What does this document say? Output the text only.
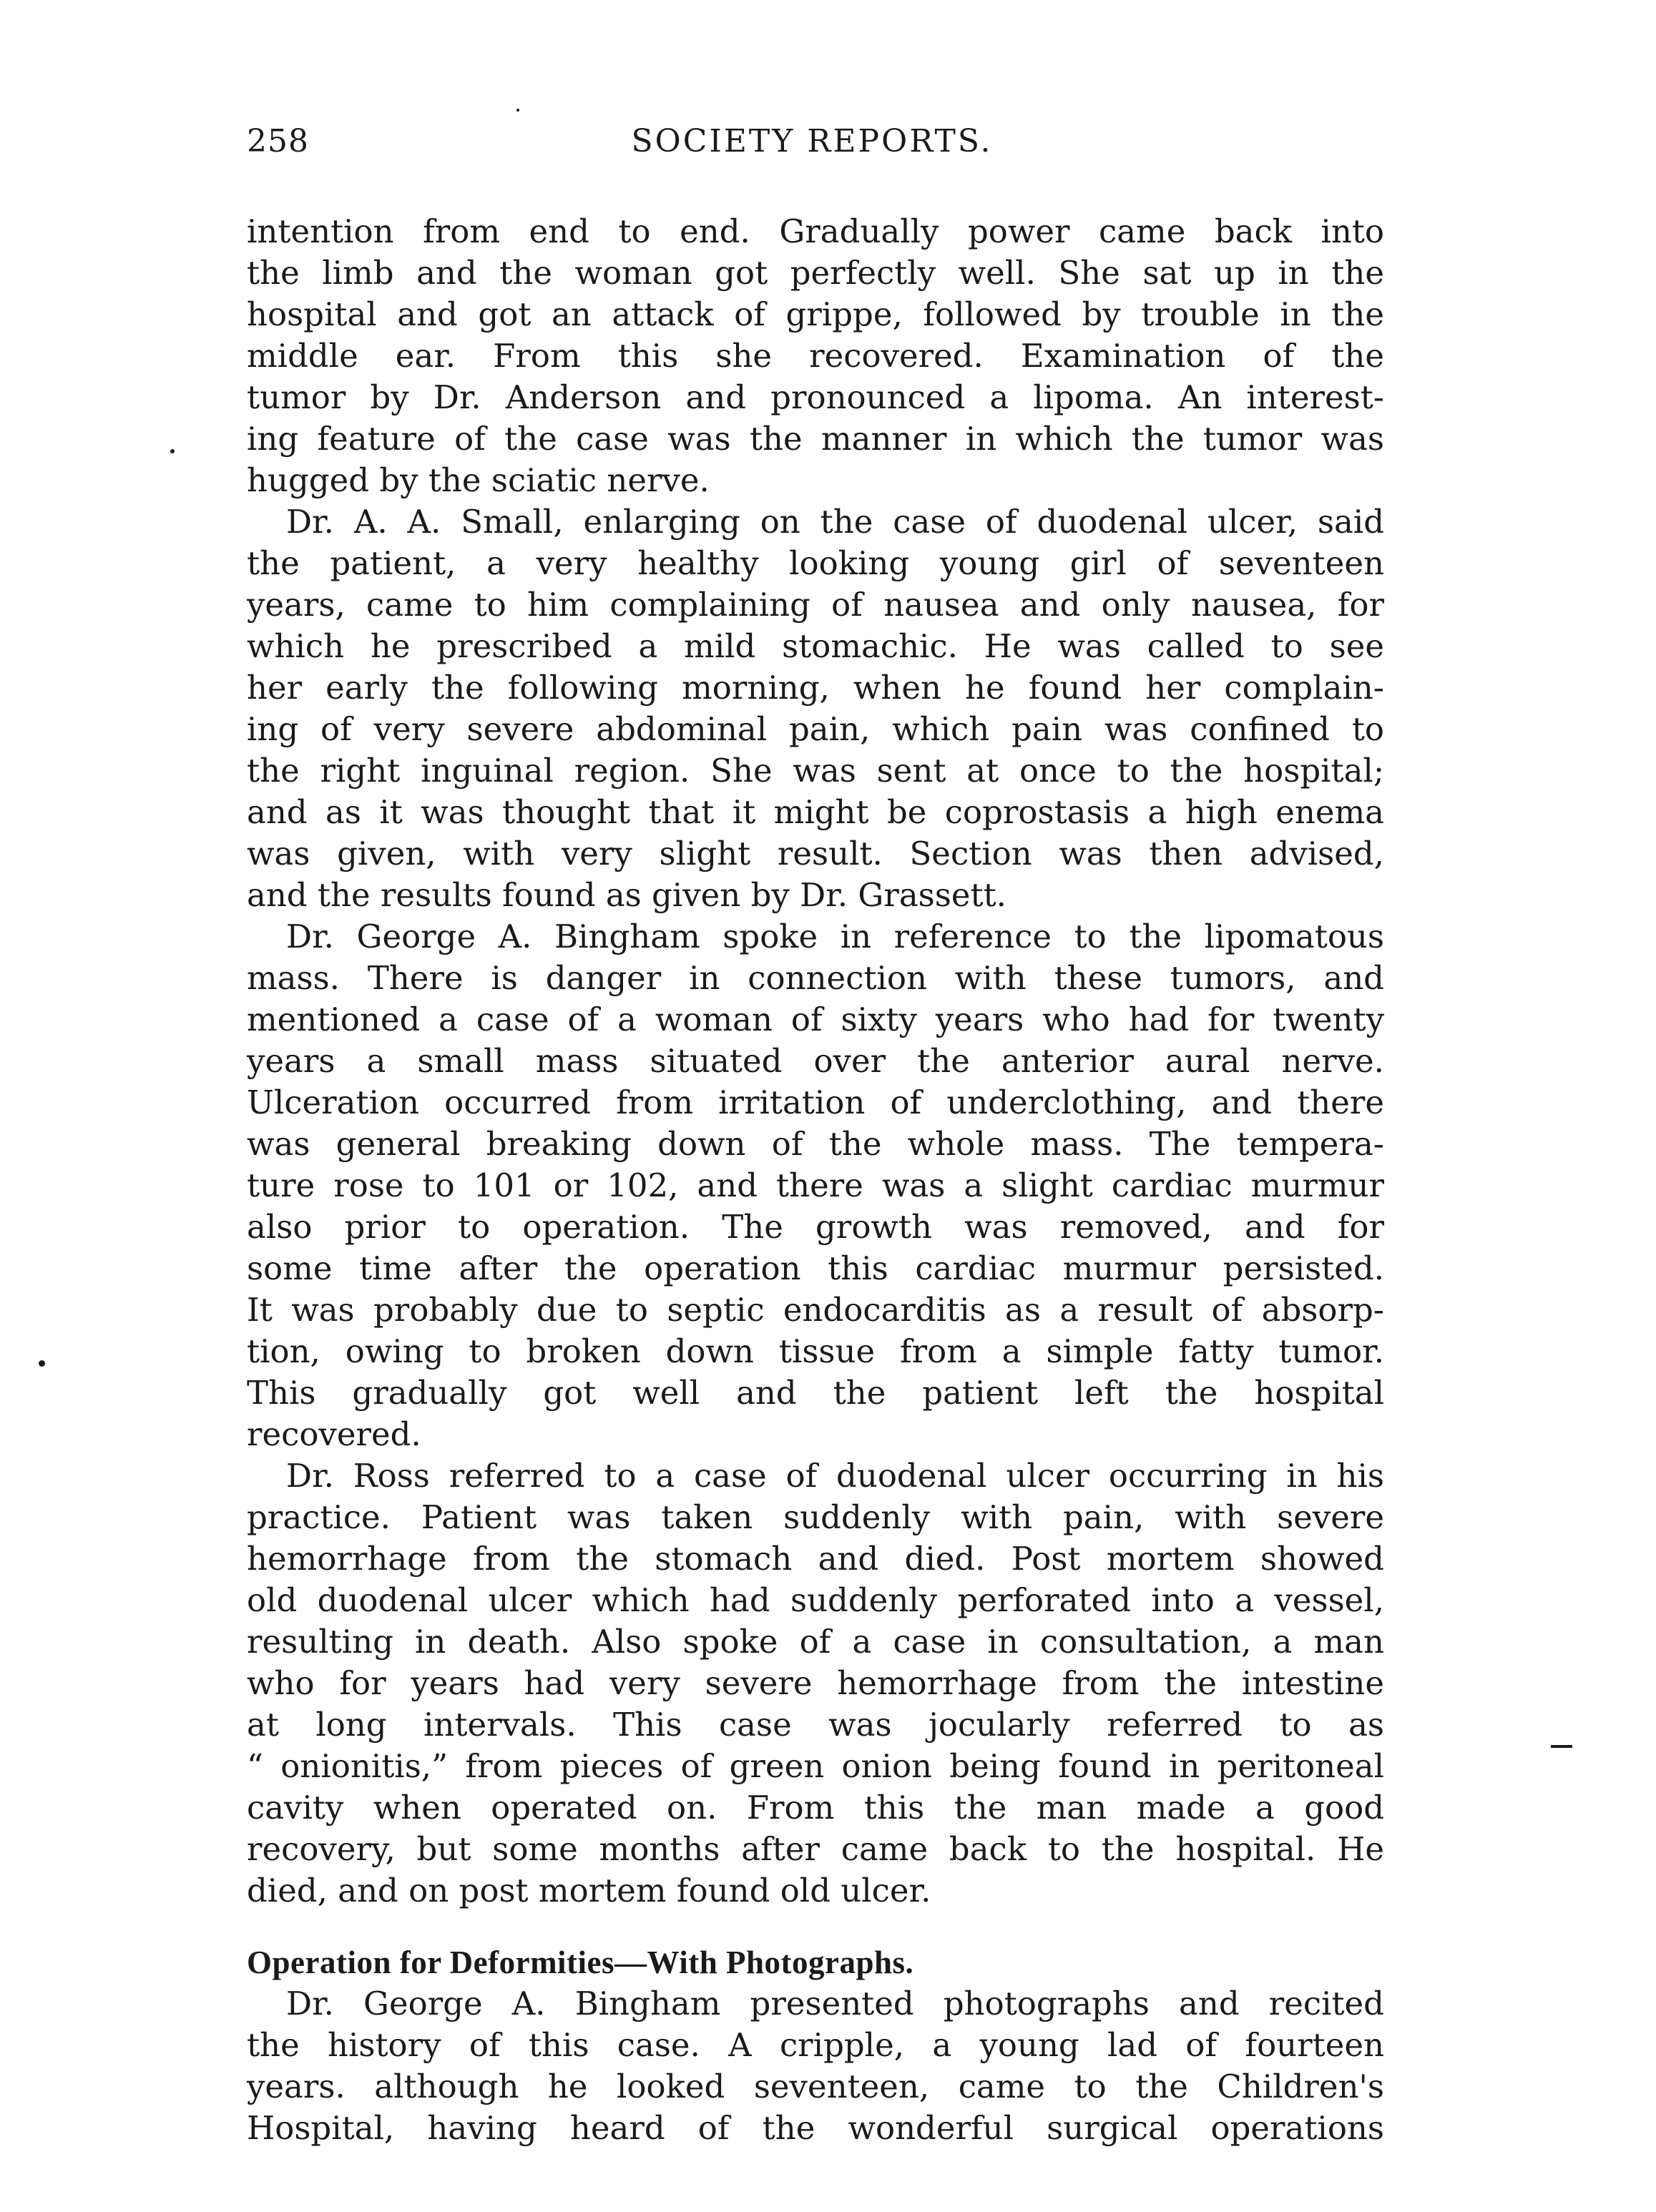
258	SOCIETY REPORTS.
intention from end to end. Gradually power came back into
the limb and the woman got perfectly well. She sat up in the
hospital and got an attack of grippe, followed by trouble in the
middle ear. From this she recovered. Examination of the
tumor by Dr. Anderson and pronounced a lipoma. An interest-
ing feature of the case was the manner in which the tumor was
hugged by the sciatic nerve.
Dr. A. A. Small, enlarging on the case of duodenal ulcer, said
the patient, a very healthy looking young girl of seventeen
years, came to him complaining of nausea and only nausea, for
which he prescribed a mild stomachic. He was called to see
her early the following morning, when he found her complain-
ing of very severe abdominal pain, which pain was confined to
the right inguinal region. She was sent at once to the hospital;
and as it was thought that it might be coprostasis a high enema
was given, with very slight result. Section was then advised,
and the results found as given by Dr. Grassett.
Dr. George A. Bingham spoke in reference to the lipomatous
mass. There is danger in connection with these tumors, and
mentioned a case of a woman of sixty years who had for twenty
years a small mass situated over the anterior aural nerve.
Ulceration occurred from irritation of underclothing, and there
was general breaking down of the whole mass. The tempera-
ture rose to 101 or 102, and there was a slight cardiac murmur
also prior to operation. The growth was removed, and for
some time after the operation this cardiac murmur persisted.
It was probably due to septic endocarditis as a result of absorp-
tion, owing to broken down tissue from a simple fatty tumor.
This gradually got well and the patient left the hospital
recovered.
Dr. Ross referred to a case of duodenal ulcer occurring in his
practice. Patient was taken suddenly with pain, with severe
hemorrhage from the stomach and died. Post mortem showed
old duodenal ulcer which had suddenly perforated into a vessel,
resulting in death. Also spoke of a case in consultation, a man
who for years had very severe hemorrhage from the intestine
at long intervals. This case was jocularly referred to as
“ onionitis,” from pieces of green onion being found in peritoneal
cavity when operated on. From this the man made a good
recovery, but some months after came back to the hospital. He
died, and on post mortem found old ulcer.
Operation for Deformities—With Photographs.
Dr. George A. Bingham presented photographs and recited
the history of this case. A cripple, a young lad of fourteen
years. although he looked seventeen, came to the Children's
Hospital, having heard of the wonderful surgical operations
